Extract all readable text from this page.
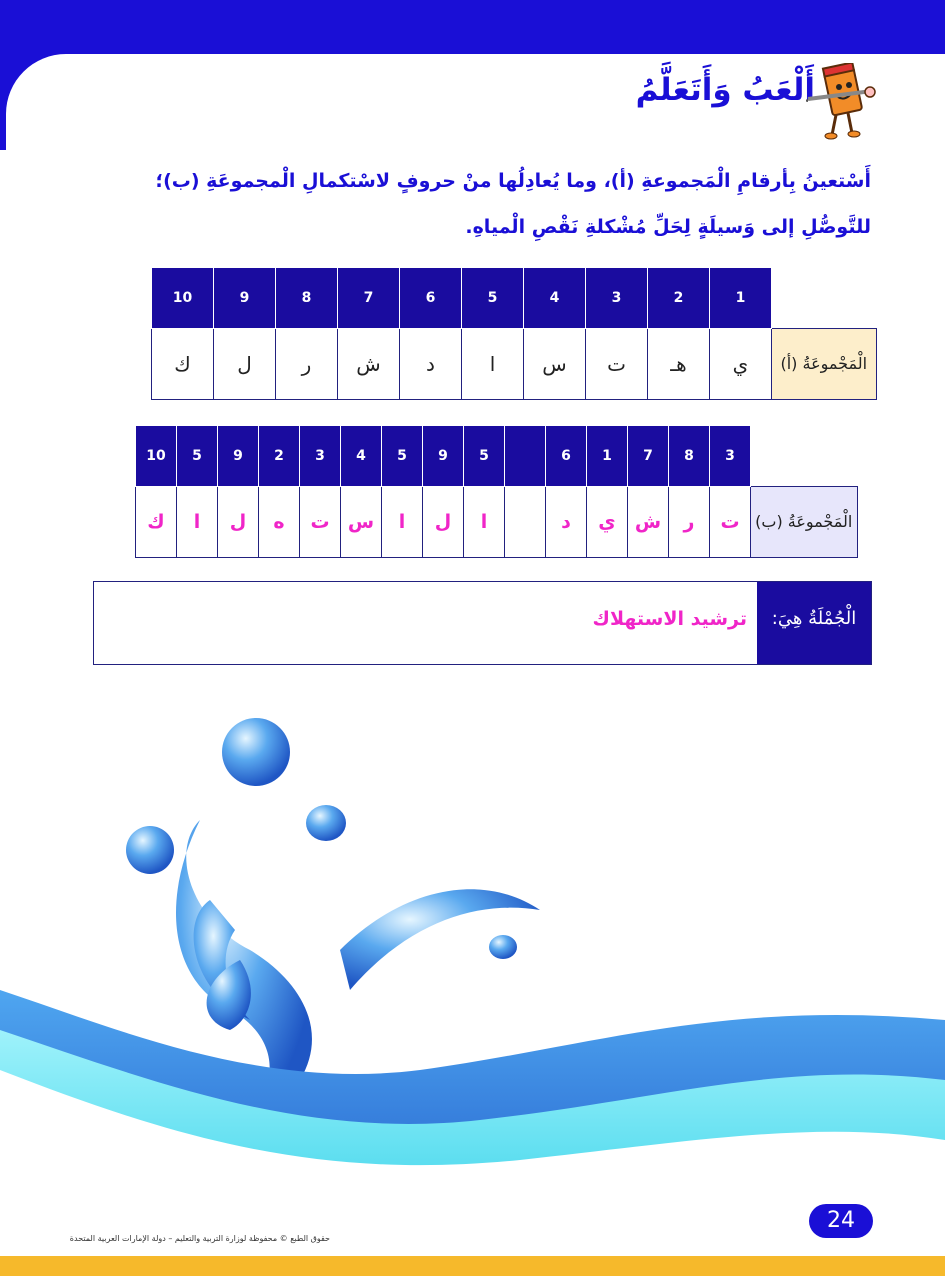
أَلْعَبُ وَأَتَعَلَّمُ

أَسْتعينُ بِأرقامِ الْمَجموعةِ (أ)، وما يُعادِلُها منْ حروفٍ لاسْتكمالِ الْمجموعَةِ (ب)؛

للتَّوصُّلِ إلى وَسيلَةٍ لِحَلِّ مُشْكلةِ نَقْصِ الْمياهِ.

10	9	8	7	6	5	4	3	2	1	
ك	ل	ر	ش	د	ا	س	ت	هـ	ي	الْمَجْموعَةُ (أ)
10	5	9	2	3	4	5	9	5		6	1	7	8	3	
ك	ا	ل	ه	ت	س	ا	ل	ا		د	ي	ش	ر	ت	الْمَجْموعَةُ (ب)
ترشيد الاستهلاك	الْجُمْلَةُ هِيَ:
24
حقوق الطبع © محفوظة لوزارة التربية والتعليم – دولة الإمارات العربية المتحدة
